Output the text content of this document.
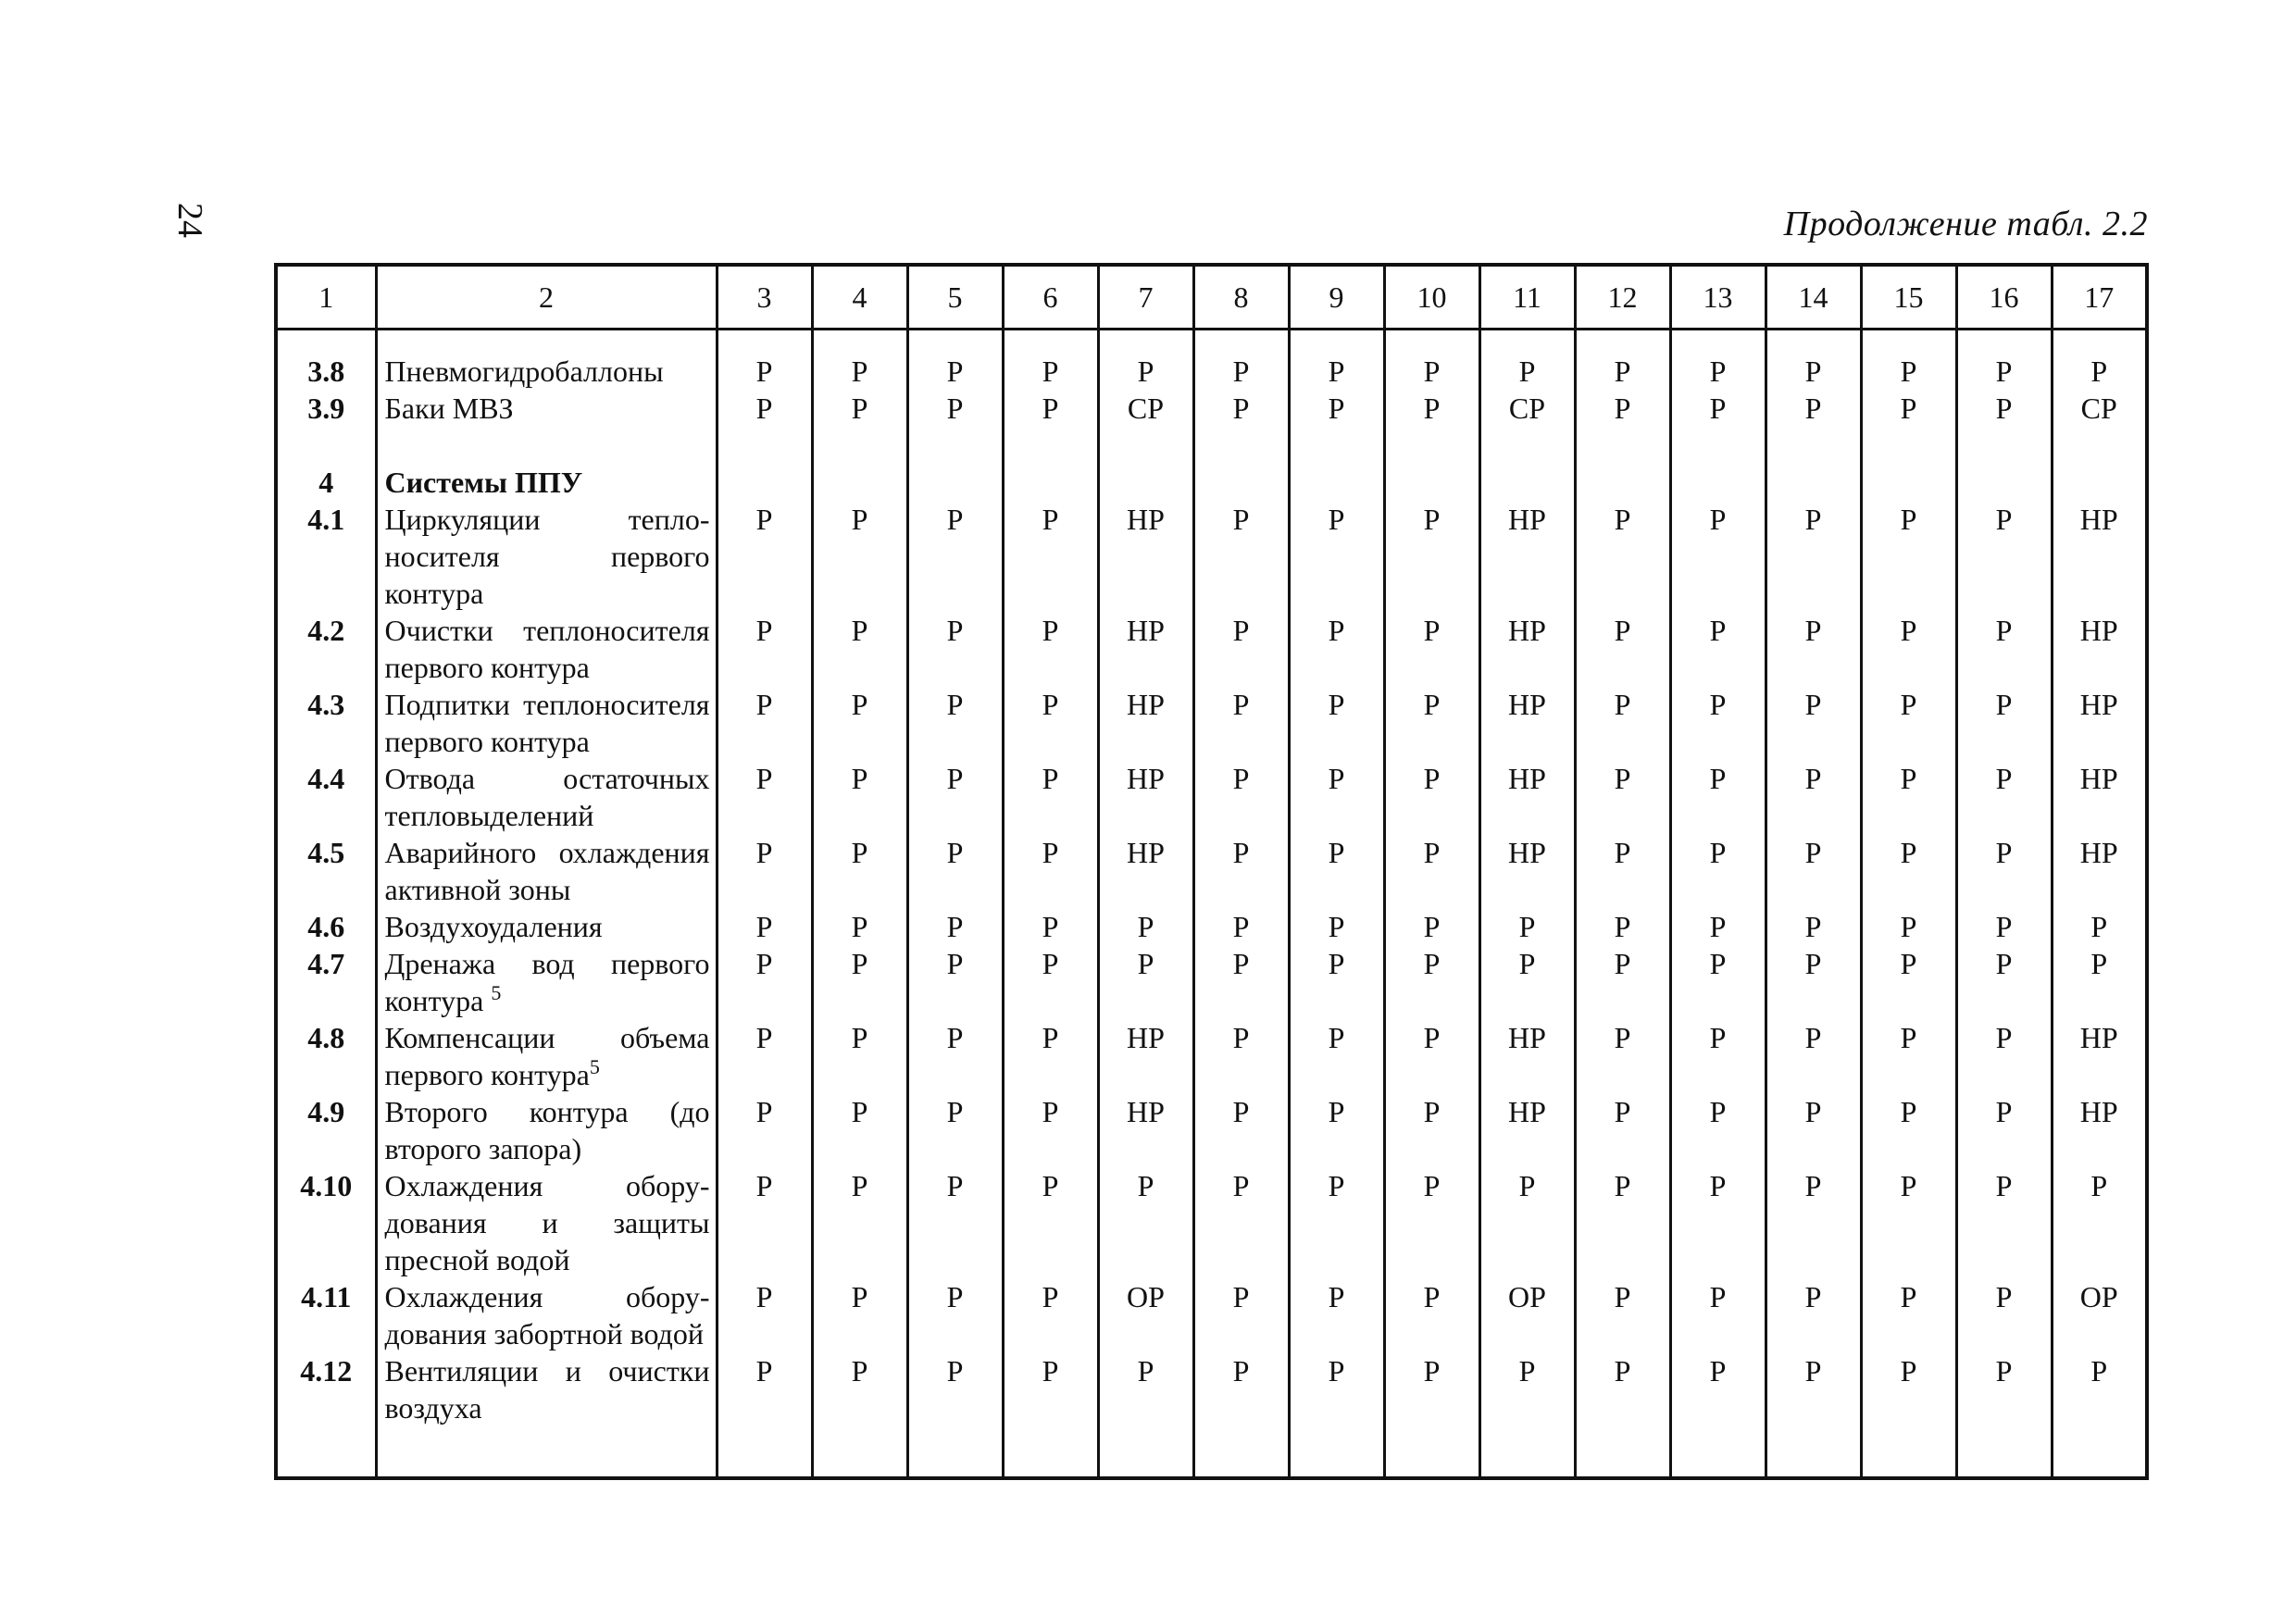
24	Продолжение табл. 2.2
1	2	3	4	5	6	7	8	9	10	11	12	13	14	15	16	17
3.8	Пневмогидробаллоны	Р	Р	Р	Р	Р	Р	Р	Р	Р	Р	Р	Р	Р	Р	Р
3.9	Баки МВЗ	Р	Р	Р	Р	СР	Р	Р	Р	СР	Р	Р	Р	Р	Р	СР

4	Системы ППУ															
4.1	Циркуляции теплоносителя первого контура	Р	Р	Р	Р	НР	Р	Р	Р	НР	Р	Р	Р	Р	Р	НР
4.2	Очистки теплоносителя первого контура	Р	Р	Р	Р	НР	Р	Р	Р	НР	Р	Р	Р	Р	Р	НР
4.3	Подпитки теплоносителя первого контура	Р	Р	Р	Р	НР	Р	Р	Р	НР	Р	Р	Р	Р	Р	НР
4.4	Отвода остаточных тепловыделений	Р	Р	Р	Р	НР	Р	Р	Р	НР	Р	Р	Р	Р	Р	НР
4.5	Аварийного охлаждения активной зоны	Р	Р	Р	Р	НР	Р	Р	Р	НР	Р	Р	Р	Р	Р	НР
4.6	Воздухоудаления	Р	Р	Р	Р	Р	Р	Р	Р	Р	Р	Р	Р	Р	Р	Р
4.7	Дренажа вод первого контура $^5$	Р	Р	Р	Р	Р	Р	Р	Р	Р	Р	Р	Р	Р	Р	Р
4.8	Компенсации объема первого контура$^5$	Р	Р	Р	Р	НР	Р	Р	Р	НР	Р	Р	Р	Р	Р	НР
4.9	Второго контура (до второго запора)	Р	Р	Р	Р	НР	Р	Р	Р	НР	Р	Р	Р	Р	Р	НР
4.10	Охлаждения оборудования и защиты пресной водой	Р	Р	Р	Р	Р	Р	Р	Р	Р	Р	Р	Р	Р	Р	Р
4.11	Охлаждения оборудования забортной водой	Р	Р	Р	Р	ОР	Р	Р	Р	ОР	Р	Р	Р	Р	Р	ОР
4.12	Вентиляции и очистки воздуха	Р	Р	Р	Р	Р	Р	Р	Р	Р	Р	Р	Р	Р	Р	Р
